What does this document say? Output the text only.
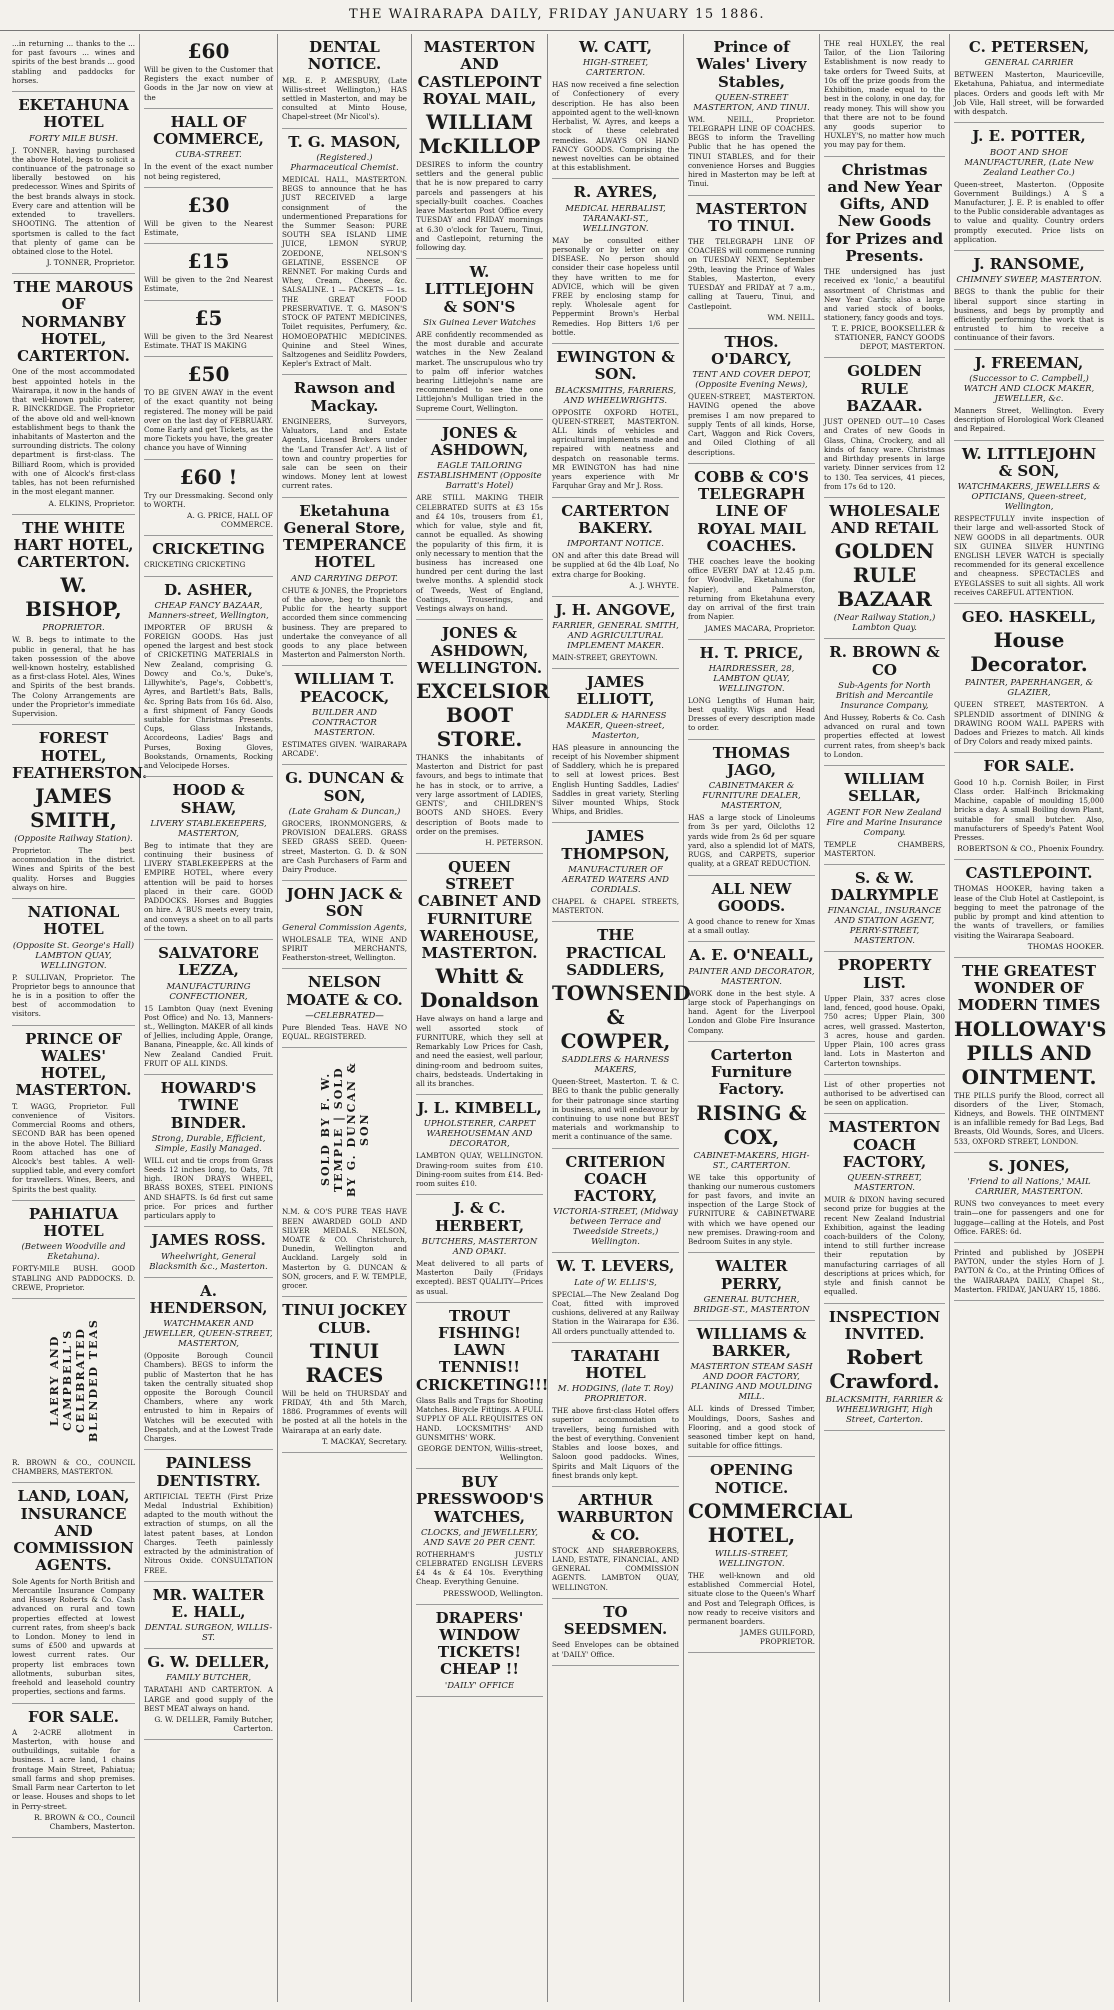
THE WAIRARAPA DAILY, FRIDAY JANUARY 15 1886.

...in returning ... thanks to the ... for past favours ... wines and spirits of the best brands ... good stabling and paddocks for horses.

EKETAHUNA HOTEL
FORTY MILE BUSH.

J. TONNER, having purchased the above Hotel, begs to solicit a continuance of the patronage so liberally bestowed on his predecessor. Wines and Spirits of the best brands always in stock. Every care and attention will be extended to travellers. SHOOTING. The attention of sportsmen is called to the fact that plenty of game can be obtained close to the Hotel.

J. TONNER, Proprietor.
THE MAROUS OF NORMANBY HOTEL, CARTERTON.

One of the most accommodated best appointed hotels in the Wairarapa, it now in the hands of that well-known public caterer, R. BINCKRIDGE. The Proprietor of the above old and well-known establishment begs to thank the inhabitants of Masterton and the surrounding districts. The colony department is first-class. The Billiard Room, which is provided with one of Alcock's first-class tables, has not been refurnished in the most elegant manner.

A. ELKINS, Proprietor.
THE WHITE HART HOTEL, CARTERTON.
W. BISHOP,
PROPRIETOR.

W. B. begs to intimate to the public in general, that he has taken possession of the above well-known hostelry, established as a first-class Hotel. Ales, Wines and Spirits of the best brands. The Colony Arrangements are under the Proprietor's immediate Supervision.

FOREST HOTEL, FEATHERSTON.
JAMES SMITH,
(Opposite Railway Station).

Proprietor. The best accommodation in the district. Wines and Spirits of the best quality. Horses and Buggies always on hire.

NATIONAL HOTEL
(Opposite St. George's Hall) LAMBTON QUAY, WELLINGTON.

P. SULLIVAN, Proprietor. The Proprietor begs to announce that he is in a position to offer the best of accommodation to visitors.

PRINCE OF WALES' HOTEL, MASTERTON.

T. WAGG, Proprietor. Full convenience of Visitors. Commercial Rooms and others, SECOND BAR has been opened in the above Hotel. The Billiard Room attached has one of Alcock's best tables. A well-supplied table, and every comfort for travellers. Wines, Beers, and Spirits the best quality.

PAHIATUA HOTEL
(Between Woodville and Eketahuna).

FORTY-MILE BUSH. GOOD STABLING AND PADDOCKS. D. CREWE, Proprietor.

LAERY AND CAMPBELL'S CELEBRATED BLENDED TEAS

R. BROWN & CO., COUNCIL CHAMBERS, MASTERTON.

LAND, LOAN, INSURANCE AND COMMISSION AGENTS.

Sole Agents for North British and Mercantile Insurance Company and Hussey Roberts & Co. Cash advanced on rural and town properties effected at lowest current rates, from sheep's back to London. Money to lend in sums of £500 and upwards at lowest current rates. Our property list embraces town allotments, suburban sites, freehold and leasehold country properties, sections and farms.

FOR SALE.

A 2-ACRE allotment in Masterton, with house and outbuildings, suitable for a business. 1 acre land, 1 chains frontage Main Street, Pahiatua; small farms and shop premises. Small Farm near Carterton to let or lease. Houses and shops to let in Perry-street.

R. BROWN & CO., Council Chambers, Masterton.
£60

Will be given to the Customer that Registers the exact number of Goods in the Jar now on view at the

HALL OF COMMERCE,
CUBA-STREET.

In the event of the exact number not being registered,

£30

Will be given to the Nearest Estimate,

£15

Will be given to the 2nd Nearest Estimate,

£5

Will be given to the 3rd Nearest Estimate. THAT IS MAKING

£50

TO BE GIVEN AWAY in the event of the exact quantity not being registered. The money will be paid over on the last day of FEBRUARY. Come Early and get Tickets, as the more Tickets you have, the greater chance you have of Winning

£60 !

Try our Dressmaking. Second only to WORTH.

A. G. PRICE, HALL OF COMMERCE.
CRICKETING

CRICKETING CRICKETING

D. ASHER,
CHEAP FANCY BAZAAR, Manners-street, Wellington,

IMPORTER OF BRUSH & FOREIGN GOODS. Has just opened the largest and best stock of CRICKETING MATERIALS in New Zealand, comprising G. Dowcy and Co.'s, Duke's, Lillywhite's, Page's, Cobbett's, Ayres, and Bartlett's Bats, Balls, &c. Spring Bats from 16s 6d. Also, a first shipment of Fancy Goods suitable for Christmas Presents. Cups, Glass Inkstands, Accordeons, Ladies' Bags and Purses, Boxing Gloves, Bookstands, Ornaments, Rocking and Velocipede Horses.

HOOD & SHAW,
LIVERY STABLEKEEPERS, MASTERTON,

Beg to intimate that they are continuing their business of LIVERY STABLEKEEPERS at the EMPIRE HOTEL, where every attention will be paid to horses placed in their care. GOOD PADDOCKS. Horses and Buggies on hire. A 'BUS meets every train, and conveys a sheet on to all parts of the town.

SALVATORE LEZZA,
MANUFACTURING CONFECTIONER,

15 Lambton Quay (next Evening Post Office) and No. 13, Manners-st., Wellington. MAKER of all kinds of Jellies, including Apple, Orange, Banana, Pineapple, &c. All kinds of New Zealand Candied Fruit. FRUIT OF ALL KINDS.

HOWARD'S TWINE BINDER.
Strong, Durable, Efficient, Simple, Easily Managed.

WILL cut and tie crops from Grass Seeds 12 inches long, to Oats, 7ft high. IRON DRAYS WHEEL, BRASS BOXES, STEEL PINIONS AND SHAFTS. Is 6d first cut same price. For prices and further particulars apply to

JAMES ROSS.
Wheelwright, General Blacksmith &c., Masterton.
A. HENDERSON,
WATCHMAKER AND JEWELLER, QUEEN-STREET, MASTERTON,

(Opposite Borough Council Chambers). BEGS to inform the public of Masterton that he has taken the centrally situated shop opposite the Borough Council Chambers, where any work entrusted to him in Repairs of Watches will be executed with Despatch, and at the Lowest Trade Charges.

PAINLESS DENTISTRY.

ARTIFICIAL TEETH (First Prize Medal Industrial Exhibition) adapted to the mouth without the extraction of stumps, on all the latest patent bases, at London Charges. Teeth painlessly extracted by the administration of Nitrous Oxide. CONSULTATION FREE.

MR. WALTER E. HALL,
DENTAL SURGEON, WILLIS-ST.
G. W. DELLER,
FAMILY BUTCHER,

TARATAHI AND CARTERTON. A LARGE and good supply of the BEST MEAT always on hand.

G. W. DELLER, Family Butcher, Carterton.
DENTAL NOTICE.

MR. E. P. AMESBURY, (Late Willis-street Wellington,) HAS settled in Masterton, and may be consulted at Minto House, Chapel-street (Mr Nicol's).

T. G. MASON,
(Registered.) Pharmaceutical Chemist.

MEDICAL HALL, MASTERTON. BEGS to announce that he has JUST RECEIVED a large consignment of the undermentioned Preparations for the Summer Season: PURE SOUTH SEA ISLAND LIME JUICE, LEMON SYRUP, ZOEDONE, NELSON'S GELATINE, ESSENCE OF RENNET. For making Curds and Whey, Cream, Cheese, &c. SALSALINE. 1 — PACKETS — 1s. THE GREAT FOOD PRESERVATIVE. T. G. MASON'S STOCK OF PATENT MEDICINES, Toilet requisites, Perfumery, &c. HOMOEOPATHIC MEDICINES. Quinine and Steel Wines, Saltzogenes and Seidlitz Powders, Kepler's Extract of Malt.

Rawson and Mackay.

ENGINEERS, Surveyors, Valuators, Land and Estate Agents, Licensed Brokers under the 'Land Transfer Act'. A list of town and country properties for sale can be seen on their windows. Money lent at lowest current rates.

Eketahuna General Store, TEMPERANCE HOTEL
AND CARRYING DEPOT.

CHUTE & JONES, the Proprietors of the above, beg to thank the Public for the hearty support accorded them since commencing business. They are prepared to undertake the conveyance of all goods to any place between Masterton and Palmerston North.

WILLIAM T. PEACOCK,
BUILDER AND CONTRACTOR MASTERTON.

ESTIMATES GIVEN. 'WAIRARAPA ARCADE'.

G. DUNCAN & SON,
(Late Graham & Duncan,)

GROCERS, IRONMONGERS, & PROVISION DEALERS. GRASS SEED GRASS SEED. Queen-street, Masterton. G. D. & SON are Cash Purchasers of Farm and Dairy Produce.

JOHN JACK & SON
General Commission Agents,

WHOLESALE TEA, WINE AND SPIRIT MERCHANTS, Featherston-street, Wellington.

NELSON MOATE & CO.
—CELEBRATED—

Pure Blended Teas. HAVE NO EQUAL. REGISTERED.

SOLD BY F. W. TEMPLE | SOLD BY G. DUNCAN & SON

N.M. & CO'S PURE TEAS HAVE BEEN AWARDED GOLD AND SILVER MEDALS. NELSON, MOATE & CO. Christchurch, Dunedin, Wellington and Auckland. Largely sold in Masterton by G. DUNCAN & SON, grocers, and F. W. TEMPLE, grocer.

TINUI JOCKEY CLUB.
TINUI RACES

Will be held on THURSDAY and FRIDAY, 4th and 5th March, 1886. Programmes of events will be posted at all the hotels in the Wairarapa at an early date.

T. MACKAY, Secretary.
MASTERTON AND CASTLEPOINT ROYAL MAIL,
WILLIAM McKILLOP

DESIRES to inform the country settlers and the general public that he is now prepared to carry parcels and passengers at his specially-built coaches. Coaches leave Masterton Post Office every TUESDAY and FRIDAY mornings at 6.30 o'clock for Taueru, Tinui, and Castlepoint, returning the following day.

W. LITTLEJOHN & SON'S
Six Guinea Lever Watches

ARE confidently recommended as the most durable and accurate watches in the New Zealand market. The unscrupulous who try to palm off inferior watches bearing Littlejohn's name are recommended to see the one Littlejohn's Mulligan tried in the Supreme Court, Wellington.

JONES & ASHDOWN,
EAGLE TAILORING ESTABLISHMENT (Opposite Barratt's Hotel)

ARE STILL MAKING THEIR CELEBRATED SUITS at £3 15s and £4 10s, trousers from £1, which for value, style and fit, cannot be equalled. As showing the popularity of this firm, it is only necessary to mention that the business has increased one hundred per cent during the last twelve months. A splendid stock of Tweeds, West of England, Coatings, Trouserings, and Vestings always on hand.

JONES & ASHDOWN, WELLINGTON.
EXCELSIOR BOOT STORE.

THANKS the inhabitants of Masterton and District for past favours, and begs to intimate that he has in stock, or to arrive, a very large assortment of LADIES, GENTS', and CHILDREN'S BOOTS AND SHOES. Every description of Boots made to order on the premises.

H. PETERSON.
QUEEN STREET CABINET AND FURNITURE WAREHOUSE, MASTERTON.
Whitt & Donaldson

Have always on hand a large and well assorted stock of FURNITURE, which they sell at Remarkably Low Prices for Cash, and need the easiest, well parlour, dining-room and bedroom suites, chairs, bedsteads. Undertaking in all its branches.

J. L. KIMBELL,
UPHOLSTERER, CARPET WAREHOUSEMAN AND DECORATOR,

LAMBTON QUAY, WELLINGTON. Drawing-room suites from £10. Dining-room suites from £14. Bed-room suites £10.

J. & C. HERBERT,
BUTCHERS, MASTERTON AND OPAKI.

Meat delivered to all parts of Masterton Daily (Fridays excepted). BEST QUALITY—Prices as usual.

TROUT FISHING! LAWN TENNIS!! CRICKETING!!!

Glass Balls and Traps for Shooting Matches. Bicycle Fittings. A FULL SUPPLY OF ALL REQUISITES ON HAND. LOCKSMITHS' AND GUNSMITHS' WORK.

GEORGE DENTON, Willis-street, Wellington.
BUY PRESSWOOD'S WATCHES,
CLOCKS, and JEWELLERY, AND SAVE 20 PER CENT.

ROTHERHAM'S JUSTLY CELEBRATED ENGLISH LEVERS £4 4s & £4 10s. Everything Cheap. Everything Genuine.

PRESSWOOD, Wellington.
DRAPERS' WINDOW TICKETS! CHEAP !!
'DAILY' OFFICE
W. CATT,
HIGH-STREET, CARTERTON.

HAS now received a fine selection of Confectionery of every description. He has also been appointed agent to the well-known Herbalist, W. Ayres, and keeps a stock of these celebrated remedies. ALWAYS ON HAND FANCY GOODS. Comprising the newest novelties can be obtained at this establishment.

R. AYRES,
MEDICAL HERBALIST, TARANAKI-ST., WELLINGTON.

MAY be consulted either personally or by letter on any DISEASE. No person should consider their case hopeless until they have written to me for ADVICE, which will be given FREE by enclosing stamp for reply. Wholesale agent for Peppermint Brown's Herbal Remedies. Hop Bitters 1/6 per bottle.

EWINGTON & SON.
BLACKSMITHS, FARRIERS, AND WHEELWRIGHTS.

OPPOSITE OXFORD HOTEL, QUEEN-STREET, MASTERTON. ALL kinds of vehicles and agricultural implements made and repaired with neatness and despatch on reasonable terms. MR EWINGTON has had nine years experience with Mr Farquhar Gray and Mr J. Ross.

CARTERTON BAKERY.
IMPORTANT NOTICE.

ON and after this date Bread will be supplied at 6d the 4lb Loaf, No extra charge for Booking.

A. J. WHYTE.
J. H. ANGOVE,
FARRIER, GENERAL SMITH, AND AGRICULTURAL IMPLEMENT MAKER.

MAIN-STREET, GREYTOWN.

JAMES ELLIOTT,
SADDLER & HARNESS MAKER, Queen-street, Masterton,

HAS pleasure in announcing the receipt of his November shipment of Saddlery, which he is prepared to sell at lowest prices. Best English Hunting Saddles, Ladies' Saddles in great variety, Sterling Silver mounted Whips, Stock Whips, and Bridles.

JAMES THOMPSON,
MANUFACTURER OF AERATED WATERS AND CORDIALS.

CHAPEL & CHAPEL STREETS, MASTERTON.

THE PRACTICAL SADDLERS,
TOWNSEND & COWPER,
SADDLERS & HARNESS MAKERS,

Queen-Street, Masterton. T. & C. BEG to thank the public generally for their patronage since starting in business, and will endeavour by continuing to use none but BEST materials and workmanship to merit a continuance of the same.

CRITERION COACH FACTORY,
VICTORIA-STREET, (Midway between Terrace and Tweedside Streets,) Wellington.
W. T. LEVERS,
Late of W. ELLIS'S,

SPECIAL—The New Zealand Dog Coat, fitted with improved cushions, delivered at any Railway Station in the Wairarapa for £36. All orders punctually attended to.

TARATAHI HOTEL
M. HODGINS, (late T. Roy) PROPRIETOR.

THE above first-class Hotel offers superior accommodation to travellers, being furnished with the best of everything. Convenient Stables and loose boxes, and Saloon good paddocks. Wines, Spirits and Malt Liquors of the finest brands only kept.

ARTHUR WARBURTON & CO.

STOCK AND SHAREBROKERS, LAND, ESTATE, FINANCIAL, AND GENERAL COMMISSION AGENTS. LAMBTON QUAY, WELLINGTON.

TO SEEDSMEN.

Seed Envelopes can be obtained at 'DAILY' Office.

Prince of Wales' Livery Stables,
QUEEN-STREET MASTERTON, AND TINUI.

WM. NEILL, Proprietor. TELEGRAPH LINE OF COACHES. BEGS to inform the Travelling Public that he has opened the TINUI STABLES, and for their convenience Horses and Buggies hired in Masterton may be left at Tinui.

MASTERTON TO TINUI.

THE TELEGRAPH LINE OF COACHES will commence running on TUESDAY NEXT, September 29th, leaving the Prince of Wales Stables, Masterton, every TUESDAY and FRIDAY at 7 a.m., calling at Taueru, Tinui, and Castlepoint.

WM. NEILL.
THOS. O'DARCY,
TENT AND COVER DEPOT, (Opposite Evening News),

QUEEN-STREET, MASTERTON. HAVING opened the above premises I am now prepared to supply Tents of all kinds, Horse, Cart, Waggon and Rick Covers, and Oiled Clothing of all descriptions.

COBB & CO'S TELEGRAPH LINE OF ROYAL MAIL COACHES.

THE coaches leave the booking office EVERY DAY at 12.45 p.m. for Woodville, Eketahuna (for Napier), and Palmerston, returning from Eketahuna every day on arrival of the first train from Napier.

JAMES MACARA, Proprietor.
H. T. PRICE,
HAIRDRESSER, 28, LAMBTON QUAY, WELLINGTON.

LONG Lengths of Human hair, best quality. Wigs and Head Dresses of every description made to order.

THOMAS JAGO,
CABINETMAKER & FURNITURE DEALER, MASTERTON,

HAS a large stock of Linoleums from 3s per yard, Oilcloths 12 yards wide from 2s 6d per square yard, also a splendid lot of MATS, RUGS, and CARPETS, superior quality, at a GREAT REDUCTION.

ALL NEW GOODS.

A good chance to renew for Xmas at a small outlay.

A. E. O'NEALL,
PAINTER AND DECORATOR, MASTERTON.

WORK done in the best style. A large stock of Paperhangings on hand. Agent for the Liverpool London and Globe Fire Insurance Company.

Carterton Furniture Factory.
RISING & COX,
CABINET-MAKERS, HIGH-ST., CARTERTON.

WE take this opportunity of thanking our numerous customers for past favors, and invite an inspection of the Large Stock of FURNITURE & CABINETWARE with which we have opened our new premises. Drawing-room and Bedroom Suites in any style.

WALTER PERRY,
GENERAL BUTCHER, BRIDGE-ST., MASTERTON
WILLIAMS & BARKER,
MASTERTON STEAM SASH AND DOOR FACTORY, PLANING AND MOULDING MILL.

ALL kinds of Dressed Timber, Mouldings, Doors, Sashes and Flooring, and a good stock of seasoned timber kept on hand, suitable for office fittings.

OPENING NOTICE.
COMMERCIAL HOTEL,
WILLIS-STREET, WELLINGTON.

THE well-known and old established Commercial Hotel, situate close to the Queen's Wharf and Post and Telegraph Offices, is now ready to receive visitors and permanent boarders.

JAMES GUILFORD, PROPRIETOR.

THE real HUXLEY, the real Tailor, of the Lion Tailoring Establishment is now ready to take orders for Tweed Suits, at 10s off the prize goods from the Exhibition, made equal to the best in the colony, in one day, for ready money. This will show you that there are not to be found any goods superior to HUXLEY'S, no matter how much you may pay for them.

Christmas and New Year Gifts, AND New Goods for Prizes and Presents.

THE undersigned has just received ex 'Ionic,' a beautiful assortment of Christmas and New Year Cards; also a large and varied stock of books, stationery, fancy goods and toys.

T. E. PRICE, BOOKSELLER & STATIONER, FANCY GOODS DEPOT, MASTERTON.
GOLDEN RULE BAZAAR.

JUST OPENED OUT—10 Cases and Crates of new Goods in Glass, China, Crockery, and all kinds of fancy ware. Christmas and Birthday presents in large variety. Dinner services from 12 to 130. Tea services, 41 pieces, from 17s 6d to 120.

WHOLESALE AND RETAIL
GOLDEN RULE BAZAAR
(Near Railway Station,) Lambton Quay.
R. BROWN & CO
Sub-Agents for North British and Mercantile Insurance Company,

And Hussey, Roberts & Co. Cash advanced on rural and town properties effected at lowest current rates, from sheep's back to London.

WILLIAM SELLAR,
AGENT FOR New Zealand Fire and Marine Insurance Company.

TEMPLE CHAMBERS, MASTERTON.

S. & W. DALRYMPLE
FINANCIAL, INSURANCE AND STATION AGENT, PERRY-STREET, MASTERTON.
PROPERTY LIST.

Upper Plain, 337 acres close land, fenced, good house. Opaki, 750 acres; Upper Plain, 300 acres, well grassed. Masterton, 3 acres, house and garden. Upper Plain, 100 acres grass land. Lots in Masterton and Carterton townships.

List of other properties not authorised to be advertised can be seen on application.

MASTERTON COACH FACTORY,
QUEEN-STREET, MASTERTON.

MUIR & DIXON having secured second prize for buggies at the recent New Zealand Industrial Exhibition, against the leading coach-builders of the Colony, intend to still further increase their reputation by manufacturing carriages of all descriptions at prices which, for style and finish cannot be equalled.

INSPECTION INVITED.
Robert Crawford.
BLACKSMITH, FARRIER & WHEELWRIGHT, High Street, Carterton.
C. PETERSEN,
GENERAL CARRIER

BETWEEN Masterton, Mauriceville, Eketahuna, Pahiatua, and intermediate places. Orders and goods left with Mr Job Vile, Hall street, will be forwarded with despatch.

J. E. POTTER,
BOOT AND SHOE MANUFACTURER, (Late New Zealand Leather Co.)

Queen-street, Masterton. (Opposite Government Buildings.) A S a Manufacturer, J. E. P. is enabled to offer to the Public considerable advantages as to value and quality. Country orders promptly executed. Price lists on application.

J. RANSOME,
CHIMNEY SWEEP, MASTERTON.

BEGS to thank the public for their liberal support since starting in business, and begs by promptly and efficiently performing the work that is entrusted to him to receive a continuance of their favors.

J. FREEMAN,
(Successor to C. Campbell,) WATCH AND CLOCK MAKER, JEWELLER, &c.

Manners Street, Wellington. Every description of Horological Work Cleaned and Repaired.

W. LITTLEJOHN & SON,
WATCHMAKERS, JEWELLERS & OPTICIANS, Queen-street, Wellington,

RESPECTFULLY invite inspection of their large and well-assorted Stock of NEW GOODS in all departments. OUR SIX GUINEA SILVER HUNTING ENGLISH LEVER WATCH is specially recommended for its general excellence and cheapness. SPECTACLES and EYEGLASSES to suit all sights. All work receives CAREFUL ATTENTION.

GEO. HASKELL,
House Decorator.
PAINTER, PAPERHANGER, & GLAZIER,

QUEEN STREET, MASTERTON. A SPLENDID assortment of DINING & DRAWING ROOM WALL PAPERS with Dadoes and Friezes to match. All kinds of Dry Colors and ready mixed paints.

FOR SALE.

Good 10 h.p. Cornish Boiler, in First Class order. Half-inch Brickmaking Machine, capable of moulding 15,000 bricks a day. A small Boiling down Plant, suitable for small butcher. Also, manufacturers of Speedy's Patent Wool Presses.

ROBERTSON & CO., Phoenix Foundry.
CASTLEPOINT.

THOMAS HOOKER, having taken a lease of the Club Hotel at Castlepoint, is begging to meet the patronage of the public by prompt and kind attention to the wants of travellers, or families visiting the Wairarapa Seaboard.

THOMAS HOOKER.
THE GREATEST WONDER OF MODERN TIMES
HOLLOWAY'S PILLS AND OINTMENT.

THE PILLS purify the Blood, correct all disorders of the Liver, Stomach, Kidneys, and Bowels. THE OINTMENT is an infallible remedy for Bad Legs, Bad Breasts, Old Wounds, Sores, and Ulcers. 533, OXFORD STREET, LONDON.

S. JONES,
'Friend to all Nations,' MAIL CARRIER, MASTERTON.

RUNS two conveyances to meet every train—one for passengers and one for luggage—calling at the Hotels, and Post Office. FARES: 6d.

Printed and published by JOSEPH PAYTON, under the styles Horn of J. PAYTON & Co., at the Printing Offices of the WAIRARAPA DAILY, Chapel St., Masterton. FRIDAY, JANUARY 15, 1886.
